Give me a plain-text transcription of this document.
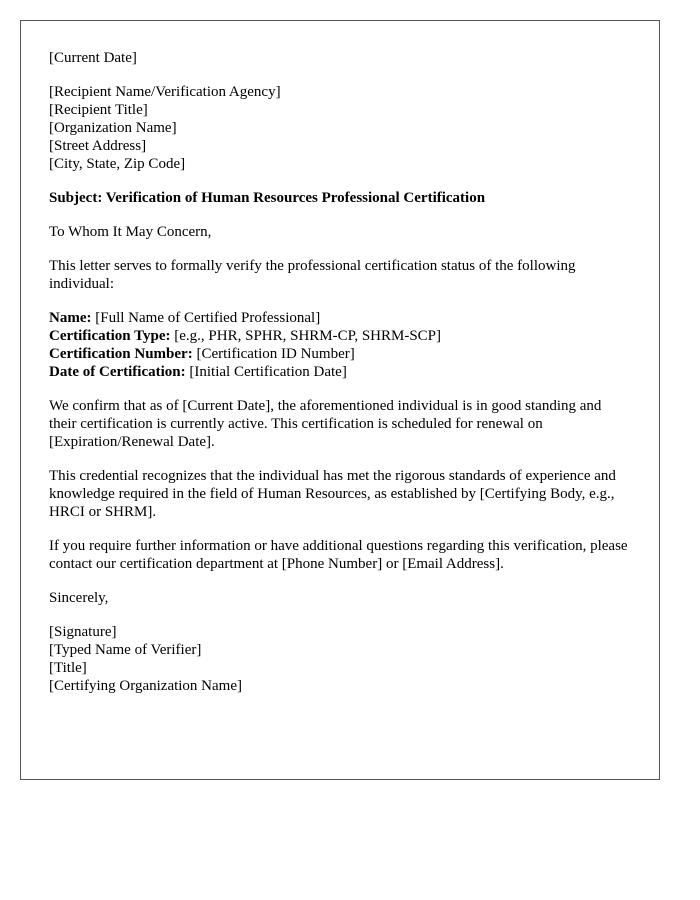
[Current Date]
[Recipient Name/Verification Agency]
[Recipient Title]
[Organization Name]
[Street Address]
[City, State, Zip Code]

Subject: Verification of Human Resources Professional Certification

To Whom It May Concern,

This letter serves to formally verify the professional certification status of the following individual:

Name: [Full Name of Certified Professional]
Certification Type: [e.g., PHR, SPHR, SHRM-CP, SHRM-SCP]
Certification Number: [Certification ID Number]
Date of Certification: [Initial Certification Date]

We confirm that as of [Current Date], the aforementioned individual is in good standing and their certification is currently active. This certification is scheduled for renewal on [Expiration/Renewal Date].

This credential recognizes that the individual has met the rigorous standards of experience and knowledge required in the field of Human Resources, as established by [Certifying Body, e.g., HRCI or SHRM].

If you require further information or have additional questions regarding this verification, please contact our certification department at [Phone Number] or [Email Address].

Sincerely,

[Signature]
[Typed Name of Verifier]
[Title]
[Certifying Organization Name]
